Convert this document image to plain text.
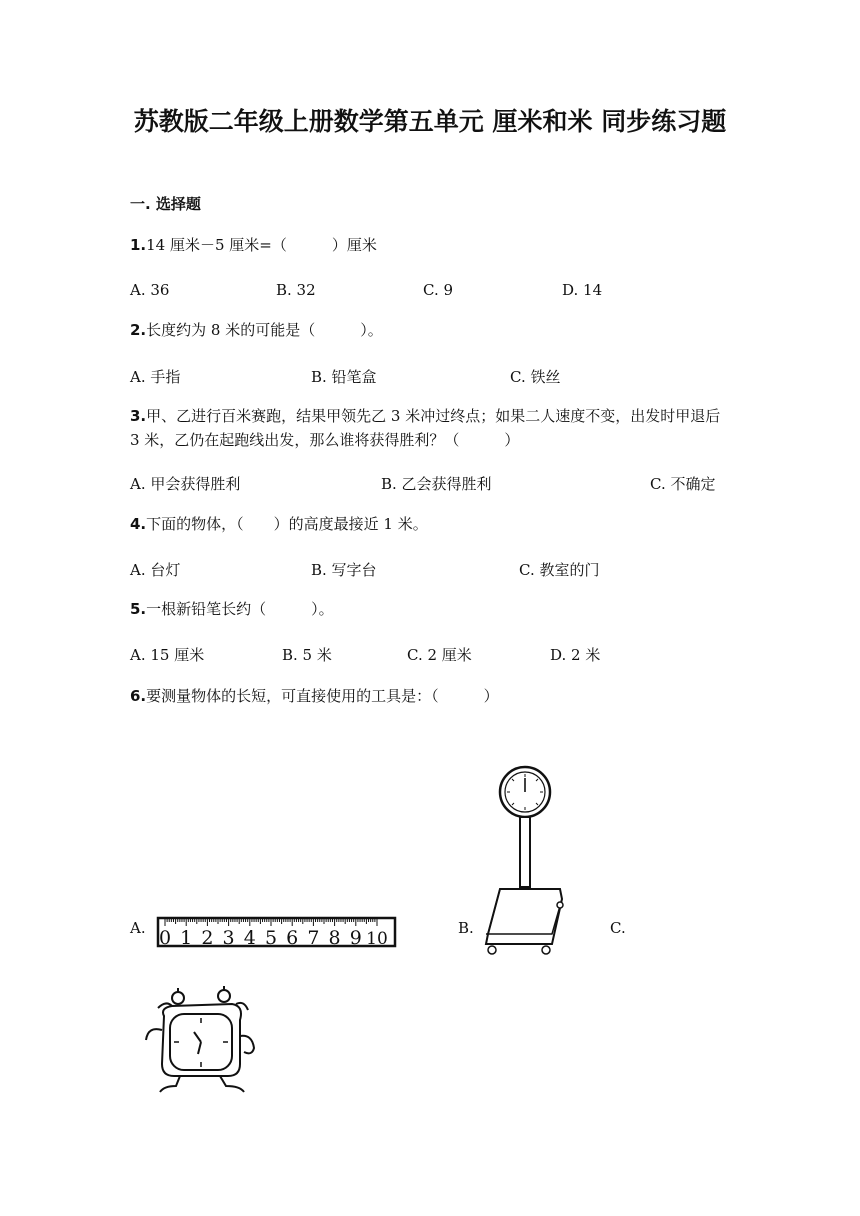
苏教版二年级上册数学第五单元 厘米和米 同步练习题
一. 选择题
1.14 厘米－5 厘米=（　　　）厘米
A. 36	B. 32	C. 9	D. 14
2.长度约为 8 米的可能是（　　　）。
A. 手指	B. 铅笔盒	C. 铁丝
3.甲、乙进行百米赛跑，结果甲领先乙 3 米冲过终点；如果二人速度不变，出发时甲退后 3 米，乙仍在起跑线出发，那么谁将获得胜利？（　　　）
A. 甲会获得胜利	B. 乙会获得胜利	C. 不确定
4.下面的物体，（　　）的高度最接近 1 米。
A. 台灯	B. 写字台	C. 教室的门
5.一根新铅笔长约（　　　）。
A. 15 厘米	B. 5 米	C. 2 厘米	D. 2 米
6.要测量物体的长短，可直接使用的工具是：（　　　）
A.	B.	C.
0 1 2 3 4 5 6 7 8 9 10
